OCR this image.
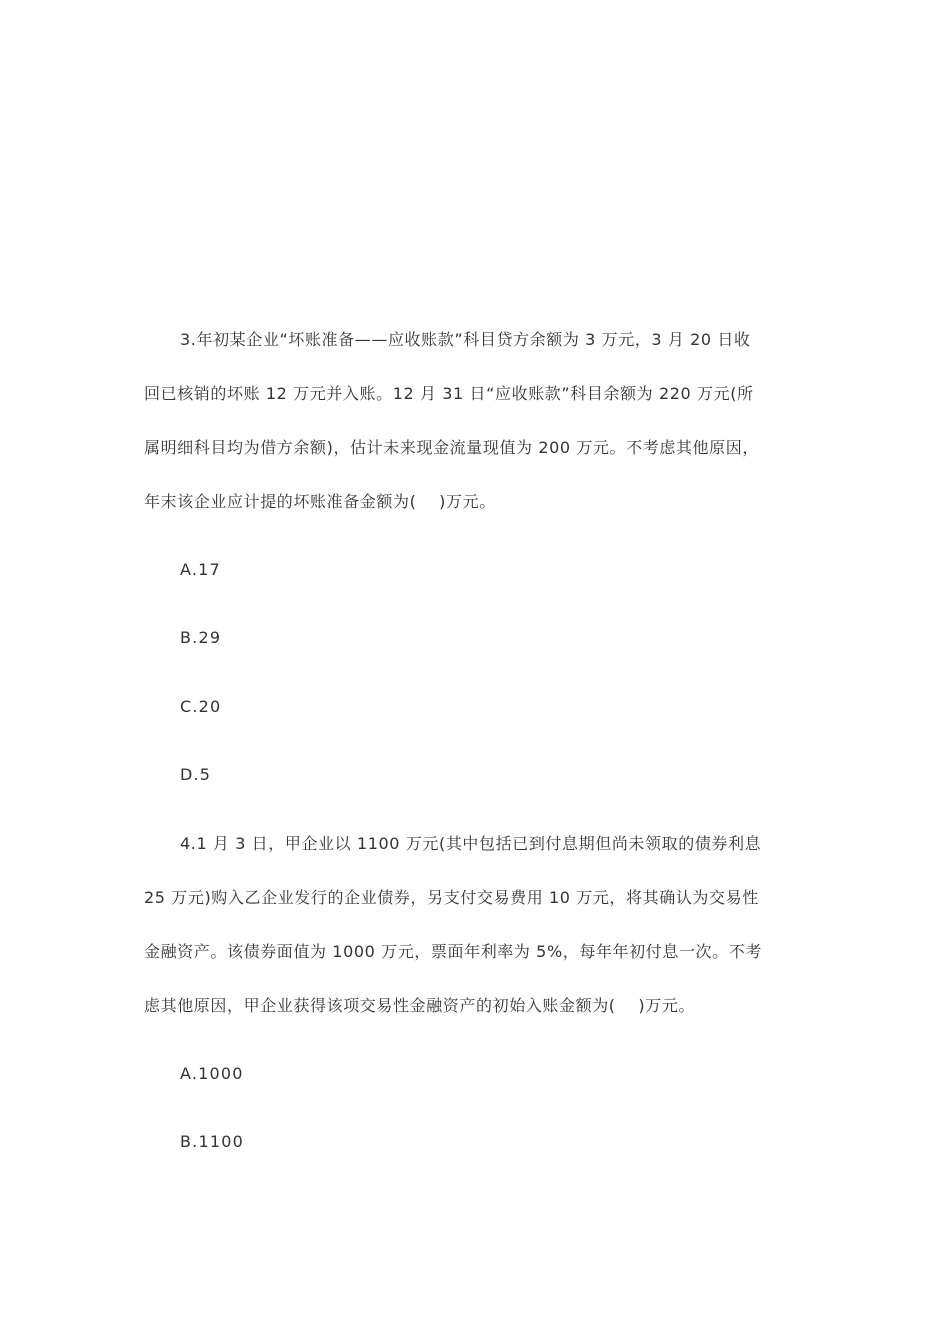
3.年初某企业“坏账准备——应收账款”科目贷方余额为 3 万元，3 月 20 日收
回已核销的坏账 12 万元并入账。12 月 31 日“应收账款”科目余额为 220 万元(所
属明细科目均为借方余额)，估计未来现金流量现值为 200 万元。不考虑其他原因，
年末该企业应计提的坏账准备金额为(    )万元。
A.17
B.29
C.20
D.5
4.1 月 3 日，甲企业以 1100 万元(其中包括已到付息期但尚未领取的债券利息
25 万元)购入乙企业发行的企业债券，另支付交易费用 10 万元，将其确认为交易性
金融资产。该债券面值为 1000 万元，票面年利率为 5%，每年年初付息一次。不考
虑其他原因，甲企业获得该项交易性金融资产的初始入账金额为(    )万元。
A.1000
B.1100
